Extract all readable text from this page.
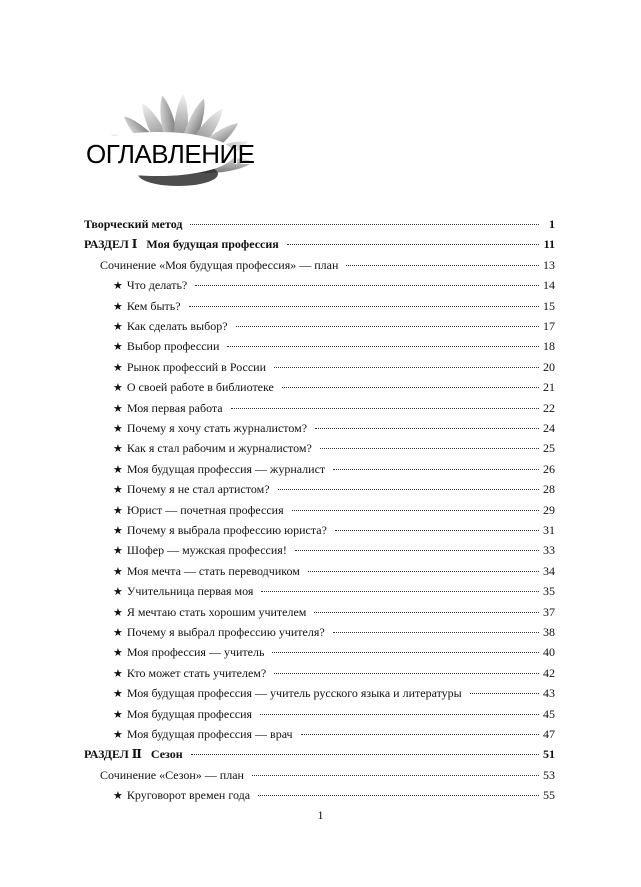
ОГЛАВЛЕНИЕ
Творческий метод	1
РАЗДЕЛ Ⅰ   Моя будущая профессия	11
Сочинение «Моя будущая профессия» — план	13
★ Что делать?	14
★ Кем быть?	15
★ Как сделать выбор?	17
★ Выбор профессии	18
★ Рынок профессий в России	20
★ О своей работе в библиотеке	21
★ Моя первая работа	22
★ Почему я хочу стать журналистом?	24
★ Как я стал рабочим и журналистом?	25
★ Моя будущая профессия — журналист	26
★ Почему я не стал артистом?	28
★ Юрист — почетная профессия	29
★ Почему я выбрала профессию юриста?	31
★ Шофер — мужская профессия!	33
★ Моя мечта — стать переводчиком	34
★ Учительница первая моя	35
★ Я мечтаю стать хорошим учителем	37
★ Почему я выбрал профессию учителя?	38
★ Моя профессия — учитель	40
★ Кто может стать учителем?	42
★ Моя будущая профессия — учитель русского языка и литературы	43
★ Моя будущая профессия	45
★ Моя будущая профессия — врач	47
РАЗДЕЛ Ⅱ   Сезон	51
Сочинение «Сезон» — план	53
★ Круговорот времен года	55
1
